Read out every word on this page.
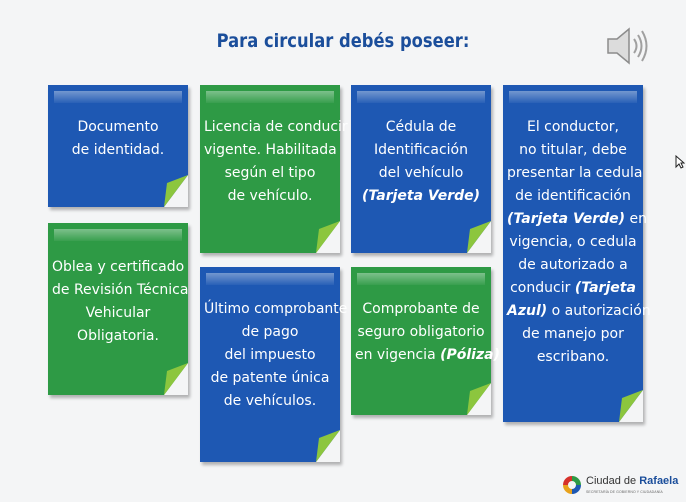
Para circular debés poseer:
Documento
de identidad.
Oblea y certificado
de Revisión Técnica
Vehicular
Obligatoria.
Licencia de conducir
vigente. Habilitada
según el tipo
de vehículo.
Último comprobante
de pago
del impuesto
de patente única
de vehículos.
Cédula de
Identificación
del vehículo
(Tarjeta Verde)
Comprobante de
seguro obligatorio
en vigencia (Póliza)
El conductor,
no titular, debe
presentar la cedula
de identificación
(Tarjeta Verde) en
vigencia, o cedula
de autorizado a
conducir (Tarjeta
Azul) o autorización
de manejo por
escribano.
Ciudad de Rafaela
SECRETARÍA DE GOBIERNO Y CIUDADANÍA
